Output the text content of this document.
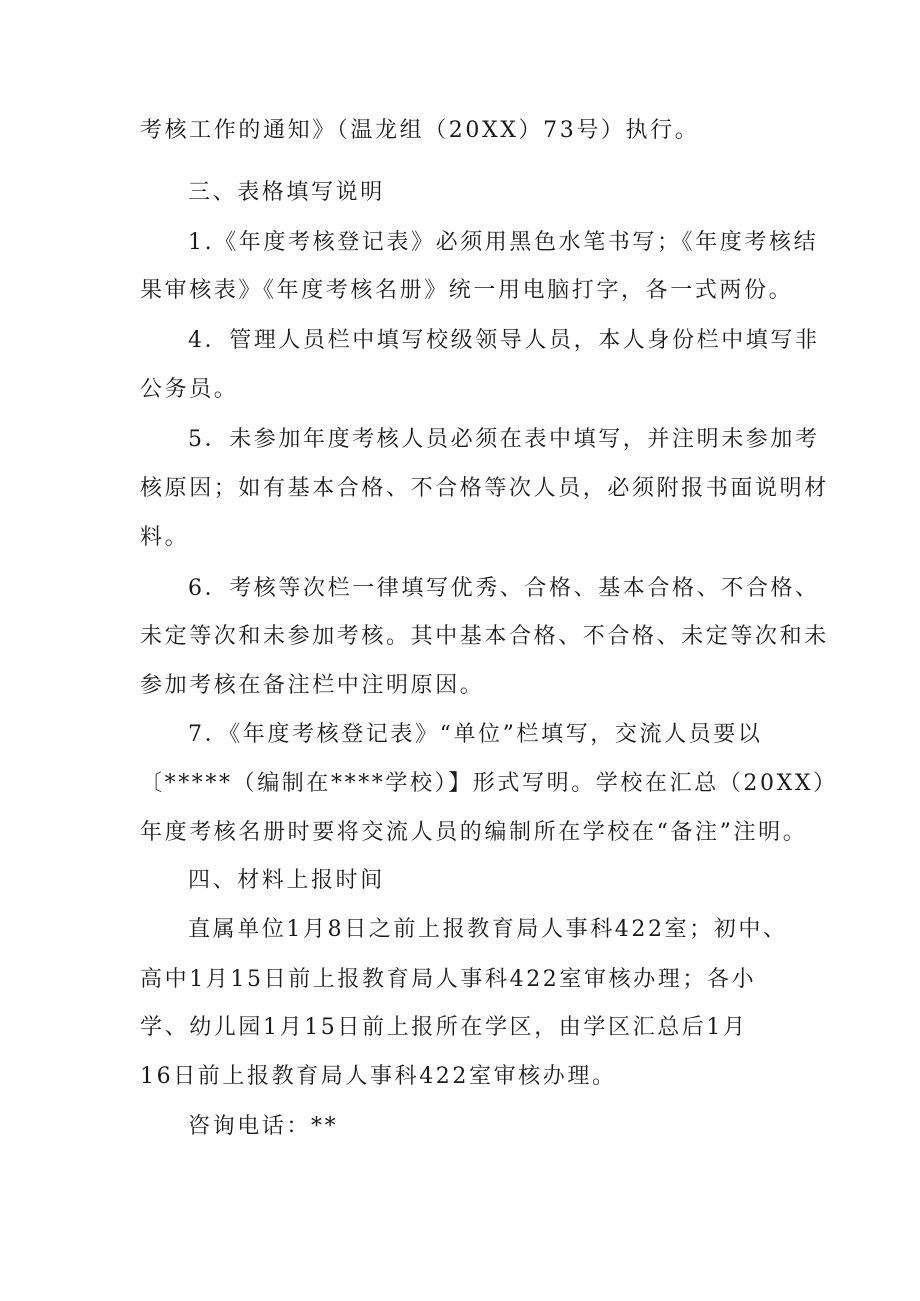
考核工作的通知》（温龙组（20XX）73号）执行。

三、表格填写说明

1.《年度考核登记表》必须用黑色水笔书写；《年度考核结

果审核表》《年度考核名册》统一用电脑打字，各一式两份。

4．管理人员栏中填写校级领导人员，本人身份栏中填写非

公务员。

5．未参加年度考核人员必须在表中填写，并注明未参加考

核原因；如有基本合格、不合格等次人员，必须附报书面说明材

料。

6．考核等次栏一律填写优秀、合格、基本合格、不合格、

未定等次和未参加考核。其中基本合格、不合格、未定等次和未

参加考核在备注栏中注明原因。

7．《年度考核登记表》“单位”栏填写，交流人员要以

〔*****（编制在****学校）】形式写明。学校在汇总（20XX）

年度考核名册时要将交流人员的编制所在学校在“备注”注明。

四、材料上报时间

直属单位1月8日之前上报教育局人事科422室；初中、

高中1月15日前上报教育局人事科422室审核办理；各小

学、幼儿园1月15日前上报所在学区，由学区汇总后1月

16日前上报教育局人事科422室审核办理。

咨询电话：**
